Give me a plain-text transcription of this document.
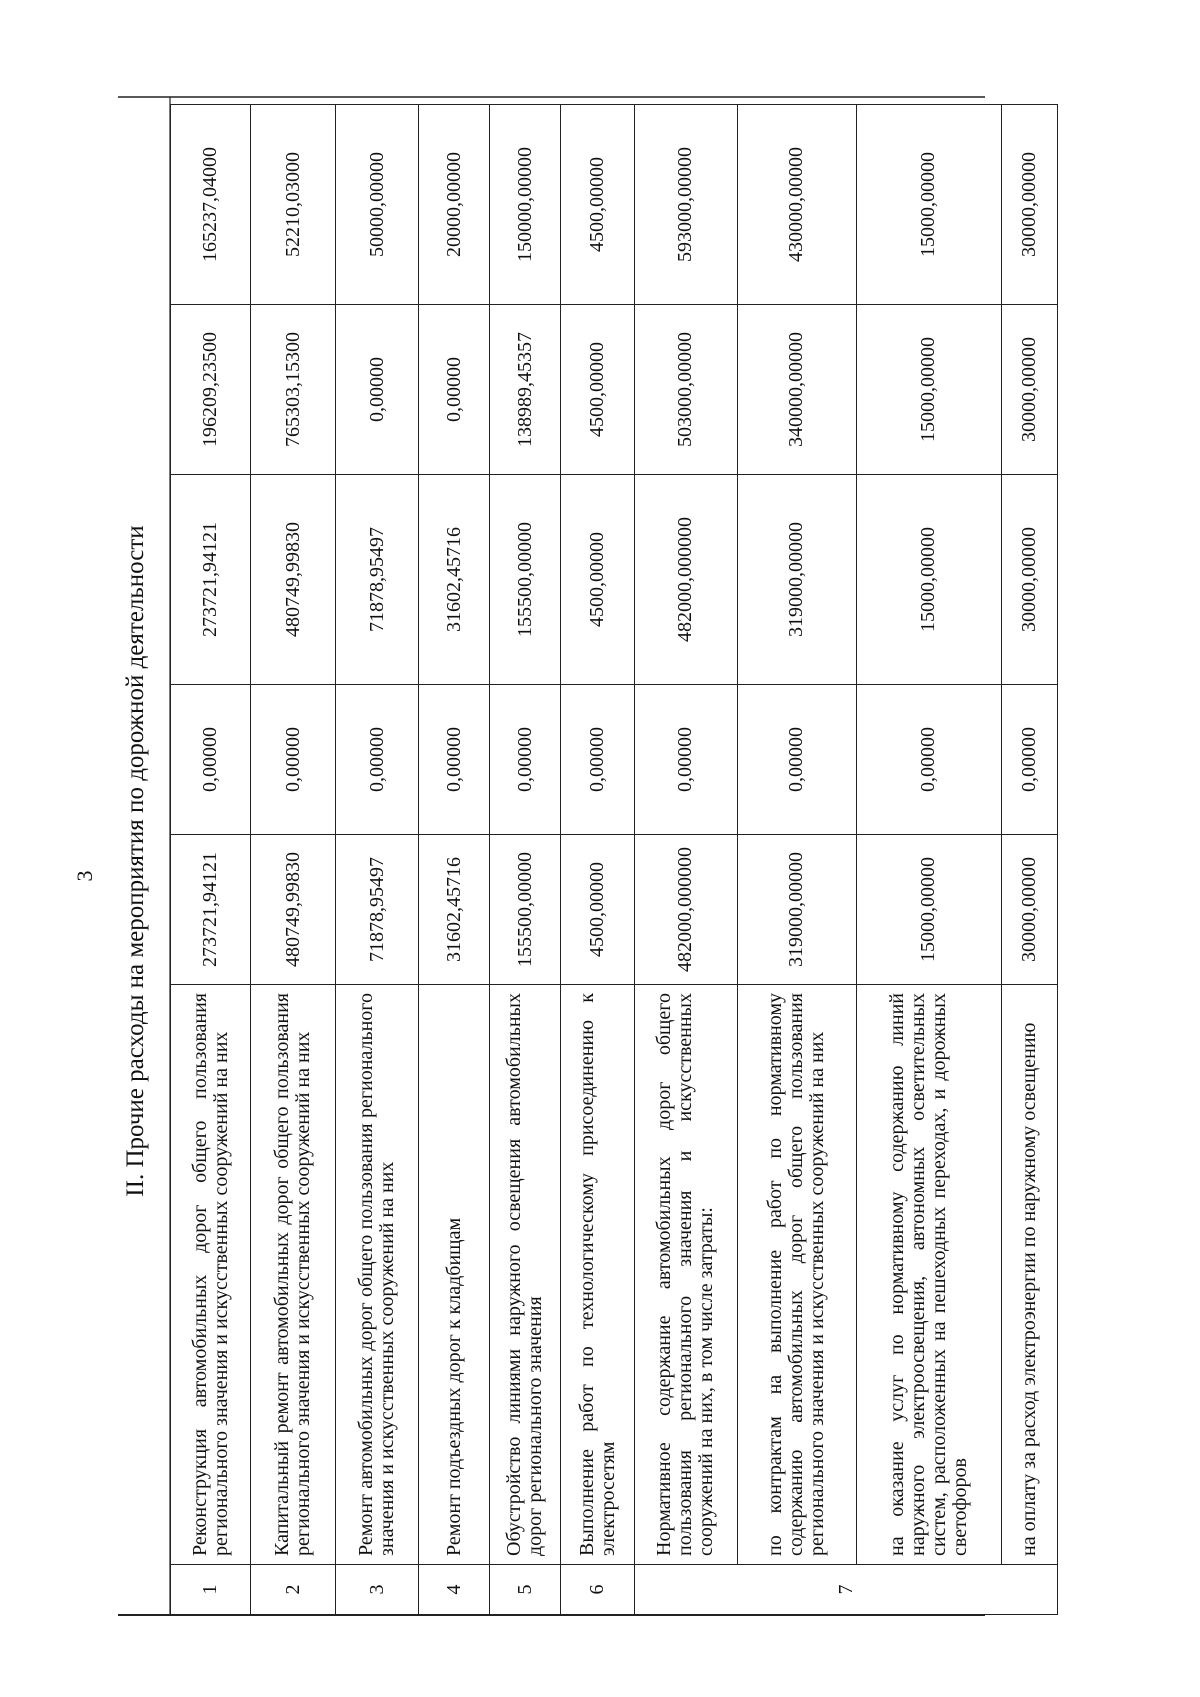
3 II. Прочие расходы на мероприятия по дорожной деятельности
1	Реконструкция автомобильных дорог общего пользования регионального значения и искусственных сооружений на них	273721,94121	0,00000	273721,94121	196209,23500	165237,04000
2	Капитальный ремонт автомобильных дорог общего пользования регионального значения и искусственных сооружений на них	480749,99830	0,00000	480749,99830	765303,15300	52210,03000
3	Ремонт автомобильных дорог общего пользования регионального значения и искусственных сооружений на них	71878,95497	0,00000	71878,95497	0,00000	50000,00000
4	Ремонт подъездных дорог к кладбищам	31602,45716	0,00000	31602,45716	0,00000	20000,00000
5	Обустройство линиями наружного освещения автомобильных дорог регионального значения	155500,00000	0,00000	155500,00000	138989,45357	150000,00000
6	Выполнение работ по технологическому присоединению к электросетям	4500,00000	0,00000	4500,00000	4500,00000	4500,00000
7	Нормативное содержание автомобильных дорог общего пользования регионального значения и искусственных сооружений на них, в том числе затраты:	482000,000000	0,00000	482000,000000	503000,00000	593000,00000
	по контрактам на выполнение работ по нормативному содержанию автомобильных дорог общего пользования регионального значения и искусственных сооружений на них	319000,00000	0,00000	319000,00000	340000,00000	430000,00000
	на оказание услуг по нормативному содержанию линий наружного электроосвещения, автономных осветительных систем, расположенных на пешеходных переходах, и дорожных светофоров	15000,00000	0,00000	15000,00000	15000,00000	15000,00000
	на оплату за расход электроэнергии по наружному освещению	30000,00000	0,00000	30000,00000	30000,00000	30000,00000
